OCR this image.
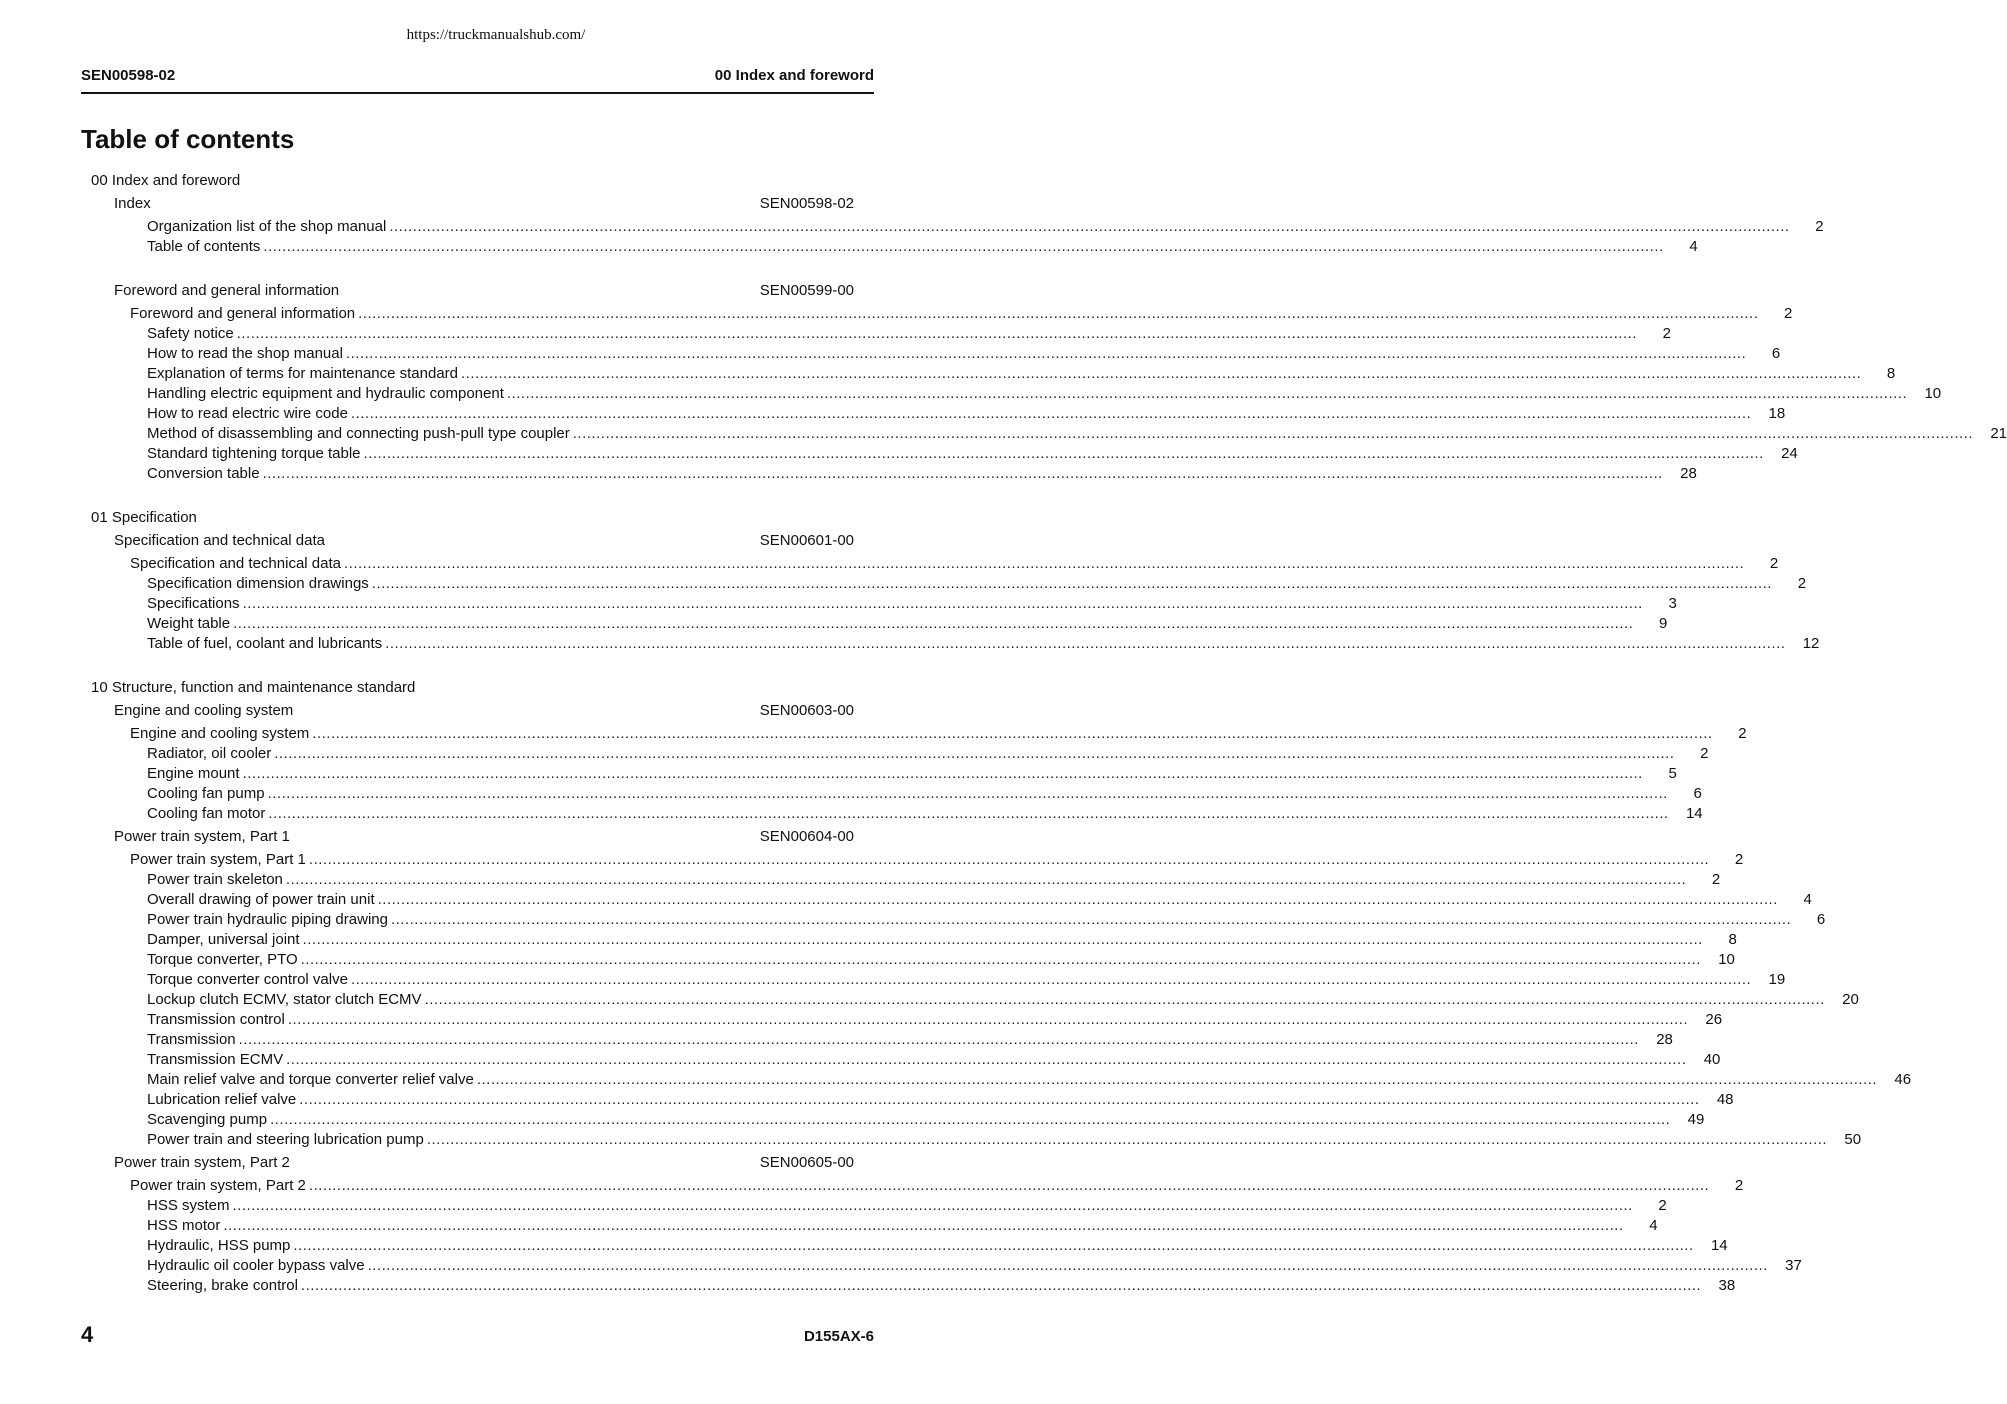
https://truckmanualshub.com/
SEN00598-02	00 Index and foreword
Table of contents
00 Index and foreword
Index	SEN00598-02
Organization list of the shop manual ............................................................................................................................................................................................................................................................................................................	2
Table of contents ............................................................................................................................................................................................................................................................................................................	4
Foreword and general information	SEN00599-00
Foreword and general information ............................................................................................................................................................................................................................................................................................................	2
Safety notice ............................................................................................................................................................................................................................................................................................................	2
How to read the shop manual ............................................................................................................................................................................................................................................................................................................	6
Explanation of terms for maintenance standard ............................................................................................................................................................................................................................................................................................................	8
Handling electric equipment and hydraulic component ............................................................................................................................................................................................................................................................................................................	10
How to read electric wire code ............................................................................................................................................................................................................................................................................................................	18
Method of disassembling and connecting push-pull type coupler ............................................................................................................................................................................................................................................................................................................	21
Standard tightening torque table ............................................................................................................................................................................................................................................................................................................	24
Conversion table ............................................................................................................................................................................................................................................................................................................	28
01 Specification
Specification and technical data	SEN00601-00
Specification and technical data ............................................................................................................................................................................................................................................................................................................	2
Specification dimension drawings ............................................................................................................................................................................................................................................................................................................	2
Specifications ............................................................................................................................................................................................................................................................................................................	3
Weight table ............................................................................................................................................................................................................................................................................................................	9
Table of fuel, coolant and lubricants ............................................................................................................................................................................................................................................................................................................	12
10 Structure, function and maintenance standard
Engine and cooling system	SEN00603-00
Engine and cooling system ............................................................................................................................................................................................................................................................................................................	2
Radiator, oil cooler ............................................................................................................................................................................................................................................................................................................	2
Engine mount ............................................................................................................................................................................................................................................................................................................	5
Cooling fan pump ............................................................................................................................................................................................................................................................................................................	6
Cooling fan motor ............................................................................................................................................................................................................................................................................................................	14
Power train system, Part 1	SEN00604-00
Power train system, Part 1 ............................................................................................................................................................................................................................................................................................................	2
Power train skeleton ............................................................................................................................................................................................................................................................................................................	2
Overall drawing of power train unit ............................................................................................................................................................................................................................................................................................................	4
Power train hydraulic piping drawing ............................................................................................................................................................................................................................................................................................................	6
Damper, universal joint ............................................................................................................................................................................................................................................................................................................	8
Torque converter, PTO ............................................................................................................................................................................................................................................................................................................	10
Torque converter control valve ............................................................................................................................................................................................................................................................................................................	19
Lockup clutch ECMV, stator clutch ECMV ............................................................................................................................................................................................................................................................................................................	20
Transmission control ............................................................................................................................................................................................................................................................................................................	26
Transmission ............................................................................................................................................................................................................................................................................................................	28
Transmission ECMV ............................................................................................................................................................................................................................................................................................................	40
Main relief valve and torque converter relief valve ............................................................................................................................................................................................................................................................................................................	46
Lubrication relief valve ............................................................................................................................................................................................................................................................................................................	48
Scavenging pump ............................................................................................................................................................................................................................................................................................................	49
Power train and steering lubrication pump ............................................................................................................................................................................................................................................................................................................	50
Power train system, Part 2	SEN00605-00
Power train system, Part 2 ............................................................................................................................................................................................................................................................................................................	2
HSS system ............................................................................................................................................................................................................................................................................................................	2
HSS motor ............................................................................................................................................................................................................................................................................................................	4
Hydraulic, HSS pump ............................................................................................................................................................................................................................................................................................................	14
Hydraulic oil cooler bypass valve ............................................................................................................................................................................................................................................................................................................	37
Steering, brake control ............................................................................................................................................................................................................................................................................................................	38
4	D155AX-6
